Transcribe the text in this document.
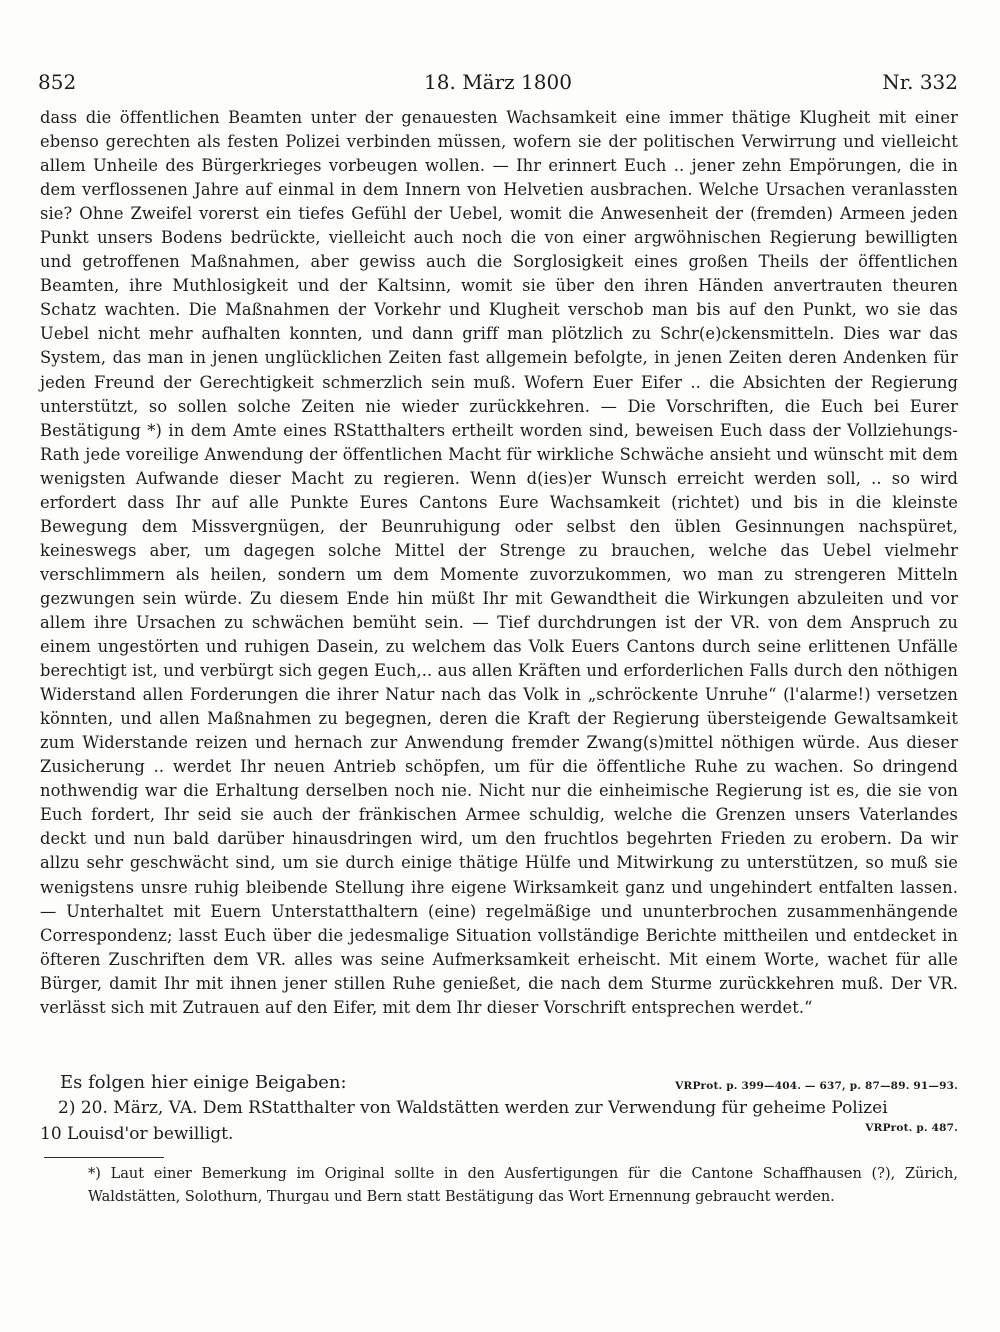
852	18. März 1800	Nr. 332

dass die öffentlichen Beamten unter der genauesten Wachsamkeit eine immer thätige Klugheit mit einer ebenso gerechten als festen Polizei verbinden müssen, wofern sie der politischen Verwirrung und vielleicht allem Unheile des Bürgerkrieges vorbeugen wollen. — Ihr erinnert Euch .. jener zehn Empörungen, die in dem verflossenen Jahre auf einmal in dem Innern von Helvetien ausbrachen. Welche Ursachen veranlassten sie? Ohne Zweifel vorerst ein tiefes Gefühl der Uebel, womit die Anwesenheit der (fremden) Armeen jeden Punkt unsers Bodens bedrückte, vielleicht auch noch die von einer argwöhnischen Regierung bewilligten und getroffenen Maßnahmen, aber gewiss auch die Sorglosigkeit eines großen Theils der öffentlichen Beamten, ihre Muthlosigkeit und der Kaltsinn, womit sie über den ihren Händen anvertrauten theuren Schatz wachten. Die Maßnahmen der Vorkehr und Klugheit verschob man bis auf den Punkt, wo sie das Uebel nicht mehr aufhalten konnten, und dann griff man plötzlich zu Schr(e)ckensmitteln. Dies war das System, das man in jenen unglücklichen Zeiten fast allgemein befolgte, in jenen Zeiten deren Andenken für jeden Freund der Gerechtigkeit schmerzlich sein muß. Wofern Euer Eifer .. die Absichten der Regierung unterstützt, so sollen solche Zeiten nie wieder zurückkehren. — Die Vorschriften, die Euch bei Eurer Bestätigung *) in dem Amte eines RStatthalters ertheilt worden sind, beweisen Euch dass der Vollziehungs-Rath jede voreilige Anwendung der öffentlichen Macht für wirkliche Schwäche ansieht und wünscht mit dem wenigsten Aufwande dieser Macht zu regieren. Wenn d(ies)er Wunsch erreicht werden soll, .. so wird erfordert dass Ihr auf alle Punkte Eures Cantons Eure Wachsamkeit (richtet) und bis in die kleinste Bewegung dem Missvergnügen, der Beunruhigung oder selbst den üblen Gesinnungen nachspüret, keineswegs aber, um dagegen solche Mittel der Strenge zu brauchen, welche das Uebel vielmehr verschlimmern als heilen, sondern um dem Momente zuvorzukommen, wo man zu strengeren Mitteln gezwungen sein würde. Zu diesem Ende hin müßt Ihr mit Gewandtheit die Wirkungen abzuleiten und vor allem ihre Ursachen zu schwächen bemüht sein. — Tief durchdrungen ist der VR. von dem Anspruch zu einem ungestörten und ruhigen Dasein, zu welchem das Volk Euers Cantons durch seine erlittenen Unfälle berechtigt ist, und verbürgt sich gegen Euch,.. aus allen Kräften und erforderlichen Falls durch den nöthigen Widerstand allen Forderungen die ihrer Natur nach das Volk in „schröckente Unruhe“ (l'alarme!) versetzen könnten, und allen Maßnahmen zu begegnen, deren die Kraft der Regierung übersteigende Gewaltsamkeit zum Widerstande reizen und hernach zur Anwendung fremder Zwang(s)mittel nöthigen würde. Aus dieser Zusicherung .. werdet Ihr neuen Antrieb schöpfen, um für die öffentliche Ruhe zu wachen. So dringend nothwendig war die Erhaltung derselben noch nie. Nicht nur die einheimische Regierung ist es, die sie von Euch fordert, Ihr seid sie auch der fränkischen Armee schuldig, welche die Grenzen unsers Vaterlandes deckt und nun bald darüber hinausdringen wird, um den fruchtlos begehrten Frieden zu erobern. Da wir allzu sehr geschwächt sind, um sie durch einige thätige Hülfe und Mitwirkung zu unterstützen, so muß sie wenigstens unsre ruhig bleibende Stellung ihre eigene Wirksamkeit ganz und ungehindert entfalten lassen. — Unterhaltet mit Euern Unterstatthaltern (eine) regelmäßige und ununterbrochen zusammenhängende Correspondenz; lasst Euch über die jedesmalige Situation vollständige Berichte mittheilen und entdecket in öfteren Zuschriften dem VR. alles was seine Aufmerksamkeit erheischt. Mit einem Worte, wachet für alle Bürger, damit Ihr mit ihnen jener stillen Ruhe genießet, die nach dem Sturme zurückkehren muß. Der VR. verlässt sich mit Zutrauen auf den Eifer, mit dem Ihr dieser Vorschrift entsprechen werdet.“

VRProt. p. 399—404. — 637, p. 87—89. 91—93.
Es folgen hier einige Beigaben:
2) 20. März, VA. Dem RStatthalter von Waldstätten werden zur Verwendung für geheime Polizei
10 Louisd'or bewilligt.	VRProt. p. 487.
*) Laut einer Bemerkung im Original sollte in den Ausfertigungen für die Cantone Schaffhausen (?), Zürich, Waldstätten, Solothurn, Thurgau und Bern statt Bestätigung das Wort Ernennung gebraucht werden.
